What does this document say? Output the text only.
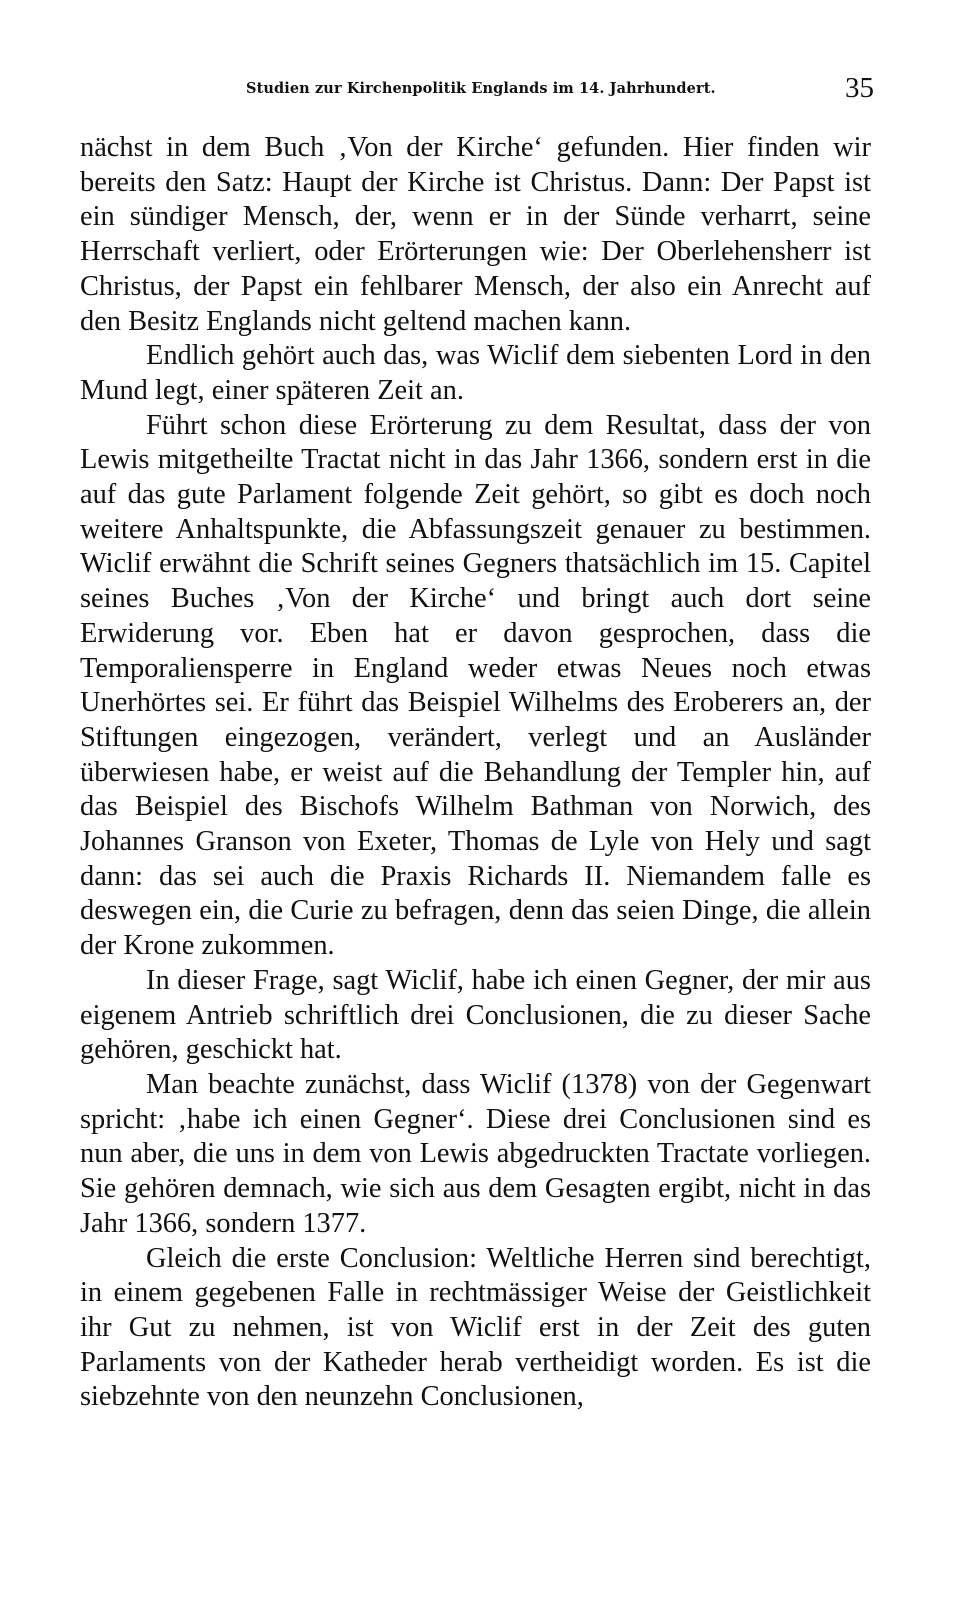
Studien zur Kirchenpolitik Englands im 14. Jahrhundert.	35

nächst in dem Buch ‚Von der Kirche‘ gefunden. Hier finden wir bereits den Satz: Haupt der Kirche ist Christus. Dann: Der Papst ist ein sündiger Mensch, der, wenn er in der Sünde verharrt, seine Herrschaft verliert, oder Erörterungen wie: Der Oberlehensherr ist Christus, der Papst ein fehlbarer Mensch, der also ein Anrecht auf den Besitz Englands nicht geltend machen kann.

Endlich gehört auch das, was Wiclif dem siebenten Lord in den Mund legt, einer späteren Zeit an.

Führt schon diese Erörterung zu dem Resultat, dass der von Lewis mitgetheilte Tractat nicht in das Jahr 1366, sondern erst in die auf das gute Parlament folgende Zeit gehört, so gibt es doch noch weitere Anhaltspunkte, die Abfassungszeit genauer zu bestimmen. Wiclif erwähnt die Schrift seines Gegners thatsächlich im 15. Capitel seines Buches ‚Von der Kirche‘ und bringt auch dort seine Erwiderung vor. Eben hat er davon gesprochen, dass die Temporaliensperre in England weder etwas Neues noch etwas Unerhörtes sei. Er führt das Beispiel Wilhelms des Eroberers an, der Stiftungen eingezogen, verändert, verlegt und an Ausländer überwiesen habe, er weist auf die Behandlung der Templer hin, auf das Beispiel des Bischofs Wilhelm Bathman von Norwich, des Johannes Granson von Exeter, Thomas de Lyle von Hely und sagt dann: das sei auch die Praxis Richards II. Niemandem falle es deswegen ein, die Curie zu befragen, denn das seien Dinge, die allein der Krone zukommen.

In dieser Frage, sagt Wiclif, habe ich einen Gegner, der mir aus eigenem Antrieb schriftlich drei Conclusionen, die zu dieser Sache gehören, geschickt hat.

Man beachte zunächst, dass Wiclif (1378) von der Gegenwart spricht: ‚habe ich einen Gegner‘. Diese drei Conclusionen sind es nun aber, die uns in dem von Lewis abgedruckten Tractate vorliegen. Sie gehören demnach, wie sich aus dem Gesagten ergibt, nicht in das Jahr 1366, sondern 1377.

Gleich die erste Conclusion: Weltliche Herren sind berechtigt, in einem gegebenen Falle in rechtmässiger Weise der Geistlichkeit ihr Gut zu nehmen, ist von Wiclif erst in der Zeit des guten Parlaments von der Katheder herab vertheidigt worden. Es ist die siebzehnte von den neunzehn Conclusionen,
